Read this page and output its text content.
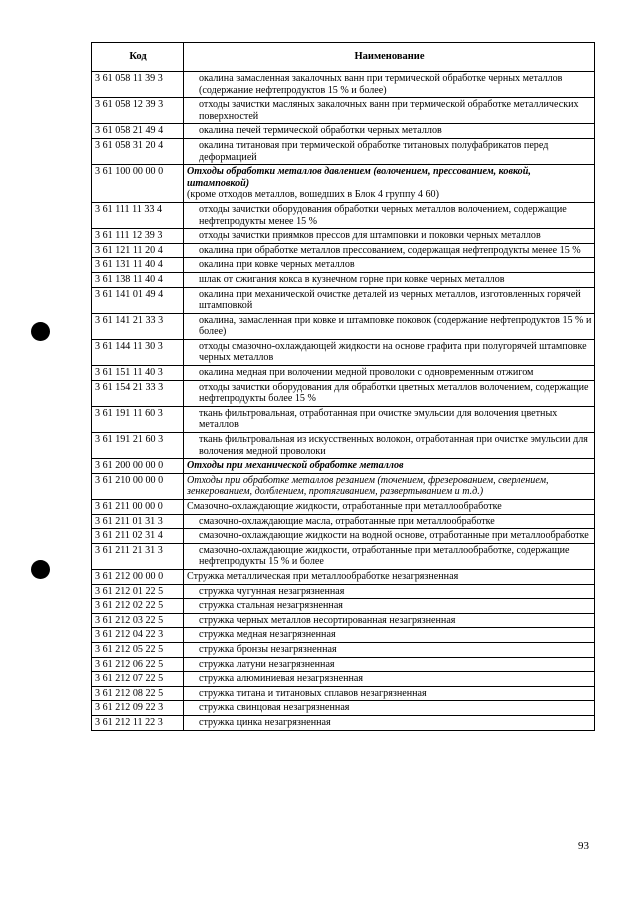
Код	Наименование
3 61 058 11 39 3	окалина замасленная закалочных ванн при термической обработке черных металлов (содержание нефтепродуктов 15 % и более)
3 61 058 12 39 3	отходы зачистки масляных закалочных ванн при термической обработке металлических поверхностей
3 61 058 21 49 4	окалина печей термической обработки черных металлов
3 61 058 31 20 4	окалина титановая при термической обработке титановых полуфабрикатов перед деформацией
3 61 100 00 00 0	Отходы обработки металлов давлением (волочением, прессованием, ковкой, штамповкой)
(кроме отходов металлов, вошедших в Блок 4 группу 4 60)
3 61 111 11 33 4	отходы зачистки оборудования обработки черных металлов волочением, содержащие нефтепродукты менее 15 %
3 61 111 12 39 3	отходы зачистки приямков прессов для штамповки и поковки черных металлов
3 61 121 11 20 4	окалина при обработке металлов прессованием, содержащая нефтепродукты менее 15 %
3 61 131 11 40 4	окалина при ковке черных металлов
3 61 138 11 40 4	шлак от сжигания кокса в кузнечном горне при ковке черных металлов
3 61 141 01 49 4	окалина при механической очистке деталей из черных металлов, изготовленных горячей штамповкой
3 61 141 21 33 3	окалина, замасленная при ковке и штамповке поковок (содержание нефтепродуктов 15 % и более)
3 61 144 11 30 3	отходы смазочно-охлаждающей жидкости на основе графита при полугорячей штамповке черных металлов
3 61 151 11 40 3	окалина медная при волочении медной проволоки с одновременным отжигом
3 61 154 21 33 3	отходы зачистки оборудования для обработки цветных металлов волочением, содержащие нефтепродукты более 15 %
3 61 191 11 60 3	ткань фильтровальная, отработанная при очистке эмульсии для волочения цветных металлов
3 61 191 21 60 3	ткань фильтровальная из искусственных волокон, отработанная при очистке эмульсии для волочения медной проволоки
3 61 200 00 00 0	Отходы при механической обработке металлов
3 61 210 00 00 0	Отходы при обработке металлов резанием (точением, фрезерованием, сверлением, зенкерованием, долблением, протягиванием, развертыванием и т.д.)
3 61 211 00 00 0	Смазочно-охлаждающие жидкости, отработанные при металлообработке
3 61 211 01 31 3	смазочно-охлаждающие масла, отработанные при металлообработке
3 61 211 02 31 4	смазочно-охлаждающие жидкости на водной основе, отработанные при металлообработке
3 61 211 21 31 3	смазочно-охлаждающие жидкости, отработанные при металлообработке, содержащие нефтепродукты 15 % и более
3 61 212 00 00 0	Стружка металлическая при металлообработке незагрязненная
3 61 212 01 22 5	стружка чугунная незагрязненная
3 61 212 02 22 5	стружка стальная незагрязненная
3 61 212 03 22 5	стружка черных металлов несортированная незагрязненная
3 61 212 04 22 3	стружка медная незагрязненная
3 61 212 05 22 5	стружка бронзы незагрязненная
3 61 212 06 22 5	стружка латуни незагрязненная
3 61 212 07 22 5	стружка алюминиевая незагрязненная
3 61 212 08 22 5	стружка титана и титановых сплавов незагрязненная
3 61 212 09 22 3	стружка свинцовая незагрязненная
3 61 212 11 22 3	стружка цинка незагрязненная
93
